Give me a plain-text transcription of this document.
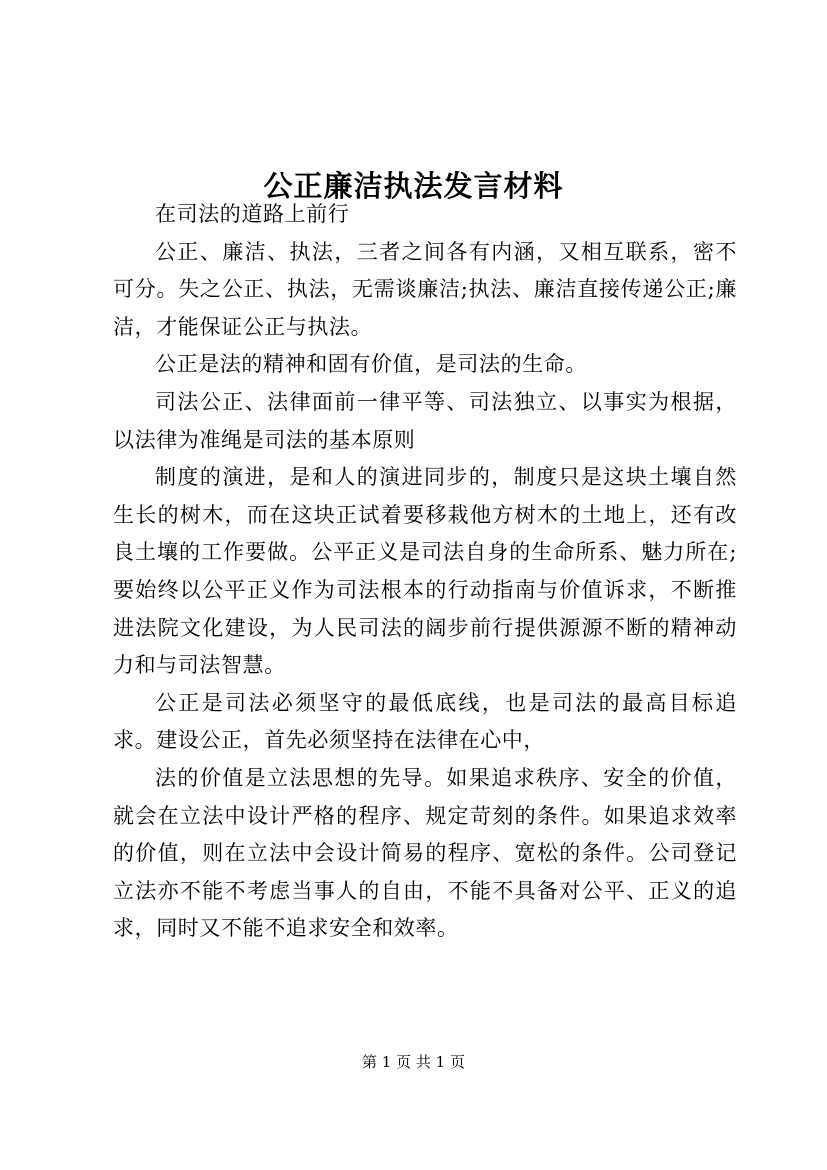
公正廉洁执法发言材料

在司法的道路上前行

公正、廉洁、执法，三者之间各有内涵，又相互联系，密不可分。失之公正、执法，无需谈廉洁;执法、廉洁直接传递公正;廉洁，才能保证公正与执法。

公正是法的精神和固有价值，是司法的生命。

司法公正、法律面前一律平等、司法独立、以事实为根据，以法律为准绳是司法的基本原则

制度的演进，是和人的演进同步的，制度只是这块土壤自然生长的树木，而在这块正试着要移栽他方树木的土地上，还有改良土壤的工作要做。公平正义是司法自身的生命所系、魅力所在;要始终以公平正义作为司法根本的行动指南与价值诉求，不断推进法院文化建设，为人民司法的阔步前行提供源源不断的精神动力和与司法智慧。

公正是司法必须坚守的最低底线，也是司法的最高目标追求。建设公正，首先必须坚持在法律在心中，

法的价值是立法思想的先导。如果追求秩序、安全的价值，就会在立法中设计严格的程序、规定苛刻的条件。如果追求效率的价值，则在立法中会设计简易的程序、宽松的条件。公司登记立法亦不能不考虑当事人的自由，不能不具备对公平、正义的追求，同时又不能不追求安全和效率。

第 1 页 共 1 页
